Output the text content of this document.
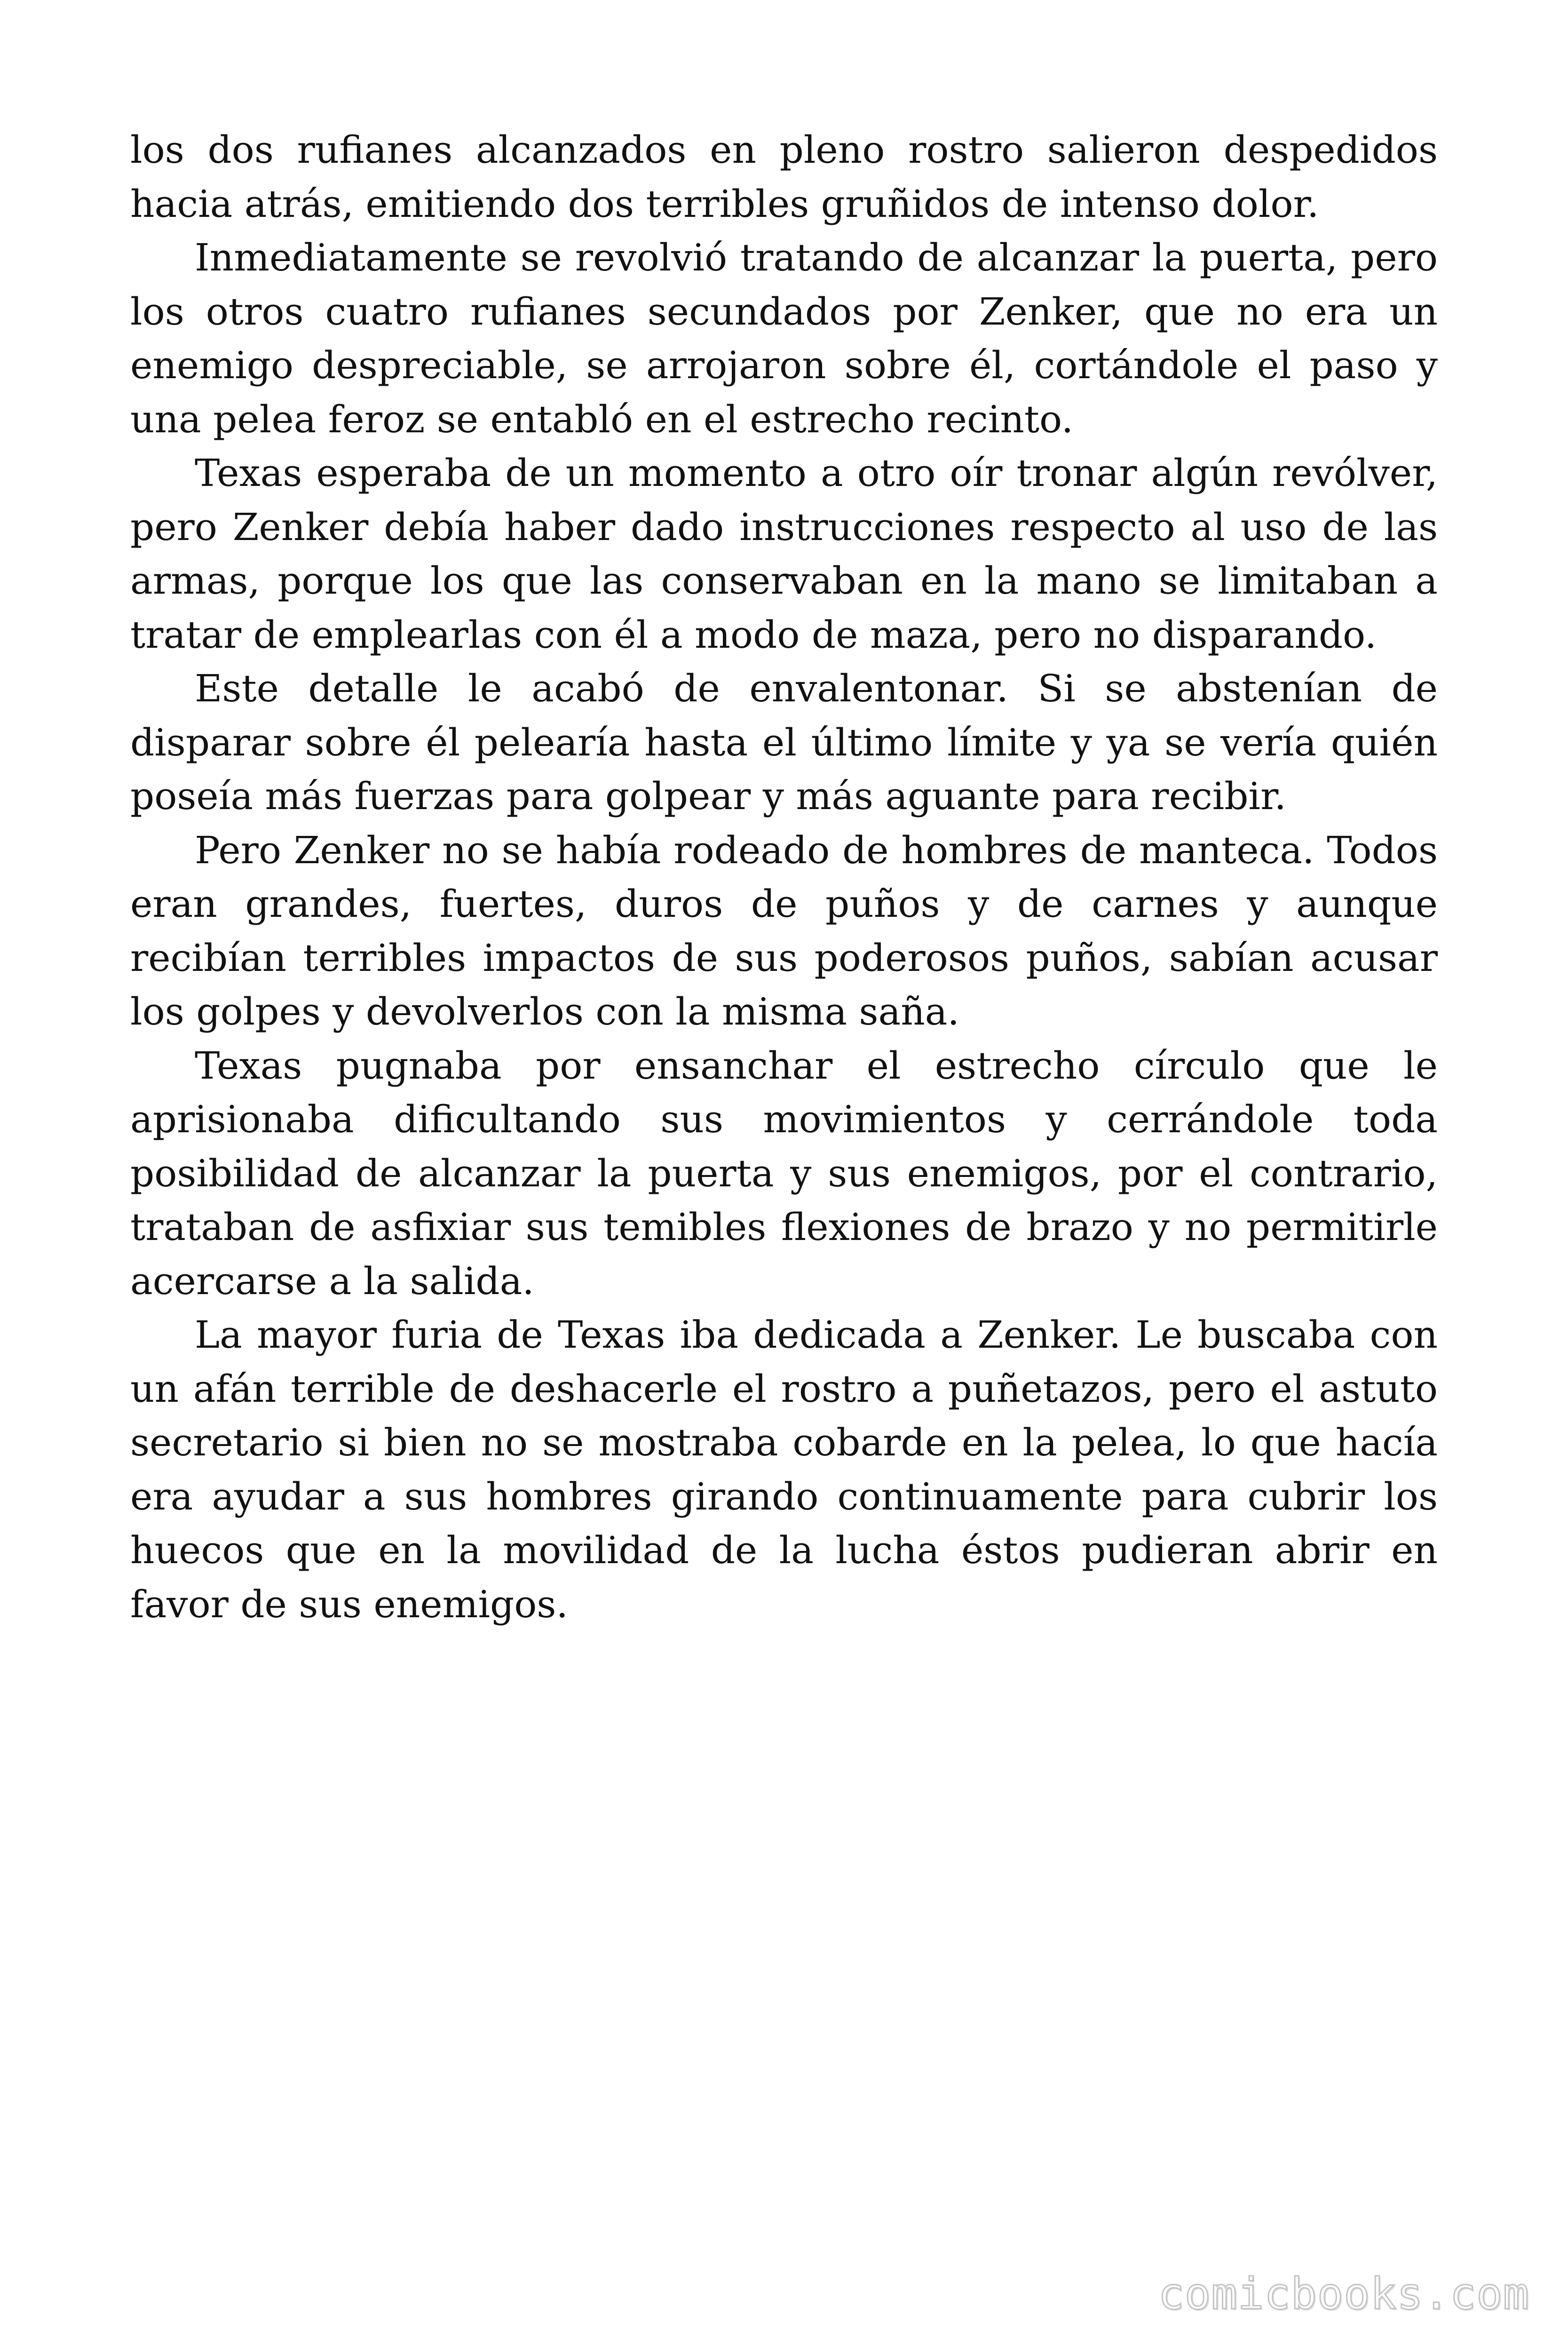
los dos rufianes alcanzados en pleno rostro salieron despedidos hacia atrás, emitiendo dos terribles gruñidos de intenso dolor.

Inmediatamente se revolvió tratando de alcanzar la puerta, pero los otros cuatro rufianes secundados por Zenker, que no era un enemigo despreciable, se arrojaron sobre él, cortándole el paso y una pelea feroz se entabló en el estrecho recinto.

Texas esperaba de un momento a otro oír tronar algún revólver, pero Zenker debía haber dado instrucciones respecto al uso de las armas, porque los que las conservaban en la mano se limitaban a tratar de emplearlas con él a modo de maza, pero no disparando.

Este detalle le acabó de envalentonar. Si se abstenían de disparar sobre él pelearía hasta el último límite y ya se vería quién poseía más fuerzas para golpear y más aguante para recibir.

Pero Zenker no se había rodeado de hombres de manteca. Todos eran grandes, fuertes, duros de puños y de carnes y aunque recibían terribles impactos de sus poderosos puños, sabían acusar los golpes y devolverlos con la misma saña.

Texas pugnaba por ensanchar el estrecho círculo que le aprisionaba dificultando sus movimientos y cerrándole toda posibilidad de alcanzar la puerta y sus enemigos, por el contrario, trataban de asfixiar sus temibles flexiones de brazo y no permitirle acercarse a la salida.

La mayor furia de Texas iba dedicada a Zenker. Le buscaba con un afán terrible de deshacerle el rostro a puñetazos, pero el astuto secretario si bien no se mostraba cobarde en la pelea, lo que hacía era ayudar a sus hombres girando continuamente para cubrir los huecos que en la movilidad de la lucha éstos pudieran abrir en favor de sus enemigos.

comicbooks.com
